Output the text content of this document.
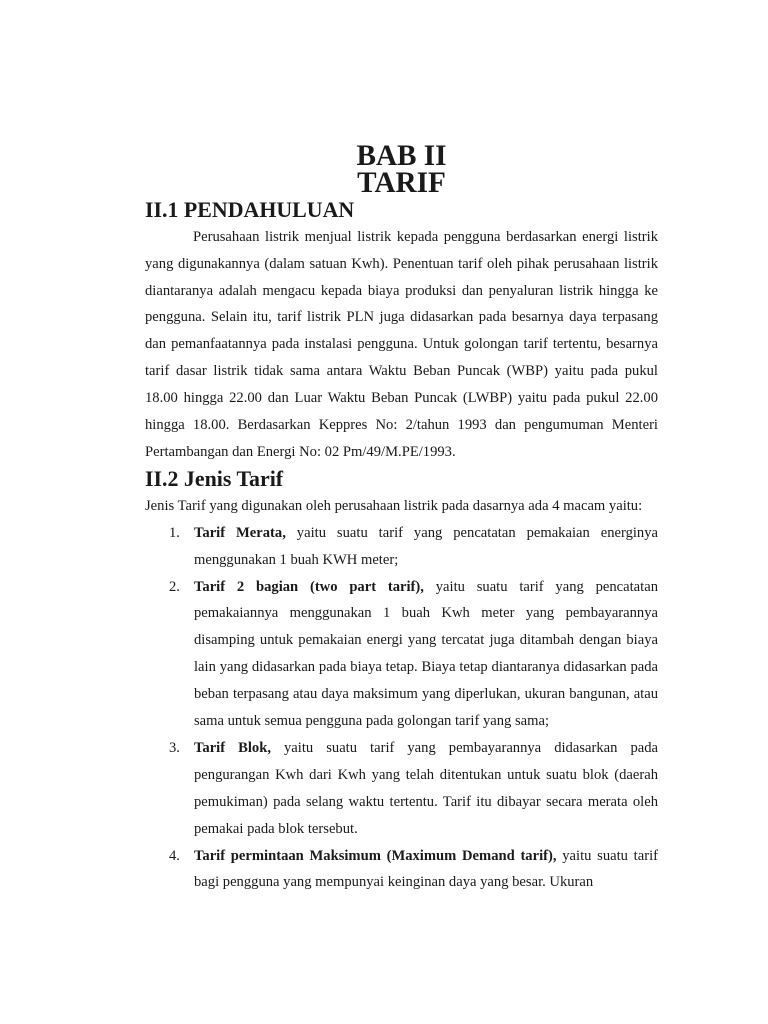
BAB II
TARIF
II.1 PENDAHULUAN

Perusahaan listrik menjual listrik kepada pengguna berdasarkan energi listrik yang digunakannya (dalam satuan Kwh). Penentuan tarif oleh pihak perusahaan listrik diantaranya adalah mengacu kepada biaya produksi dan penyaluran listrik hingga ke pengguna. Selain itu, tarif listrik PLN juga didasarkan pada besarnya daya terpasang dan pemanfaatannya pada instalasi pengguna. Untuk golongan tarif tertentu, besarnya tarif dasar listrik tidak sama antara Waktu Beban Puncak (WBP) yaitu pada pukul 18.00 hingga 22.00 dan Luar Waktu Beban Puncak (LWBP) yaitu pada pukul 22.00 hingga 18.00. Berdasarkan Keppres No: 2/tahun 1993 dan pengumuman Menteri Pertambangan dan Energi No: 02 Pm/49/M.PE/1993.

II.2 Jenis Tarif

Jenis Tarif yang digunakan oleh perusahaan listrik pada dasarnya ada 4 macam yaitu:

1. Tarif Merata, yaitu suatu tarif yang pencatatan pemakaian energinya menggunakan 1 buah KWH meter;
2. Tarif 2 bagian (two part tarif), yaitu suatu tarif yang pencatatan pemakaiannya menggunakan 1 buah Kwh meter yang pembayarannya disamping untuk pemakaian energi yang tercatat juga ditambah dengan biaya lain yang didasarkan pada biaya tetap. Biaya tetap diantaranya didasarkan pada beban terpasang atau daya maksimum yang diperlukan, ukuran bangunan, atau sama untuk semua pengguna pada golongan tarif yang sama;
3. Tarif Blok, yaitu suatu tarif yang pembayarannya didasarkan pada pengurangan Kwh dari Kwh yang telah ditentukan untuk suatu blok (daerah pemukiman) pada selang waktu tertentu. Tarif itu dibayar secara merata oleh pemakai pada blok tersebut.
4. Tarif permintaan Maksimum (Maximum Demand tarif), yaitu suatu tarif bagi pengguna yang mempunyai keinginan daya yang besar. Ukuran
